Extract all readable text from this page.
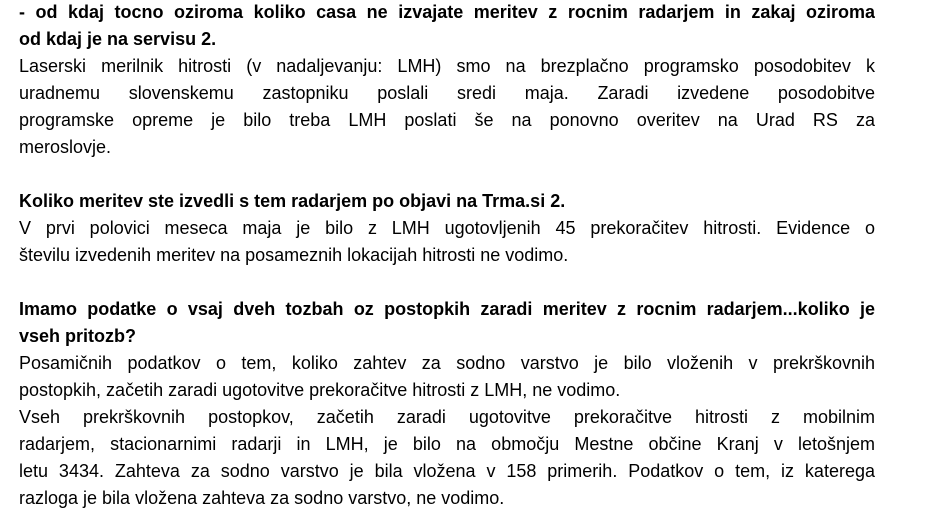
- od kdaj tocno oziroma koliko casa ne izvajate meritev z rocnim radarjem in zakaj oziroma
od kdaj je na servisu 2.
Laserski merilnik hitrosti (v nadaljevanju: LMH) smo na brezplačno programsko posodobitev k
uradnemu slovenskemu zastopniku poslali sredi maja. Zaradi izvedene posodobitve
programske opreme je bilo treba LMH poslati še na ponovno overitev na Urad RS za
meroslovje.
Koliko meritev ste izvedli s tem radarjem po objavi na Trma.si 2.
V prvi polovici meseca maja je bilo z LMH ugotovljenih 45 prekoračitev hitrosti. Evidence o
številu izvedenih meritev na posameznih lokacijah hitrosti ne vodimo.
Imamo podatke o vsaj dveh tozbah oz postopkih zaradi meritev z rocnim radarjem...koliko je
vseh pritozb?
Posamičnih podatkov o tem, koliko zahtev za sodno varstvo je bilo vloženih v prekrškovnih
postopkih, začetih zaradi ugotovitve prekoračitve hitrosti z LMH, ne vodimo.
Vseh prekrškovnih postopkov, začetih zaradi ugotovitve prekoračitve hitrosti z mobilnim
radarjem, stacionarnimi radarji in LMH, je bilo na območju Mestne občine Kranj v letošnjem
letu 3434. Zahteva za sodno varstvo je bila vložena v 158 primerih. Podatkov o tem, iz katerega
razloga je bila vložena zahteva za sodno varstvo, ne vodimo.
